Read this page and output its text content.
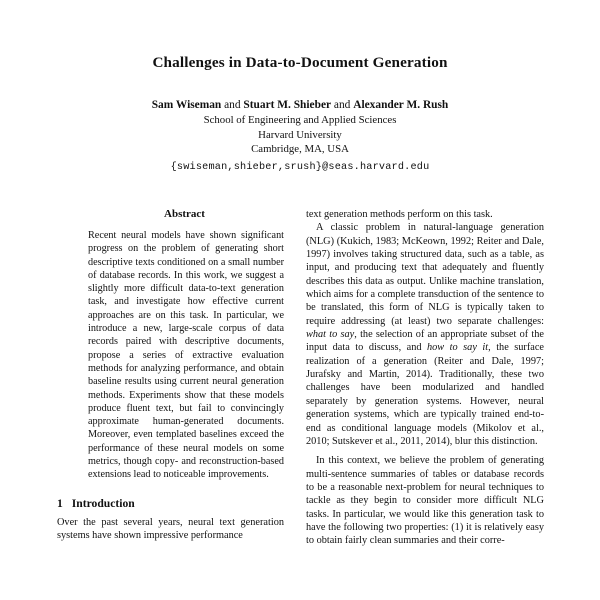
Challenges in Data-to-Document Generation

Sam Wiseman and Stuart M. Shieber and Alexander M. Rush

School of Engineering and Applied Sciences

Harvard University

Cambridge, MA, USA

{swiseman,shieber,srush}@seas.harvard.edu

Abstract

Recent neural models have shown significant progress on the problem of generating short descriptive texts conditioned on a small number of database records. In this work, we suggest a slightly more difficult data-to-text generation task, and investigate how effective current approaches are on this task. In particular, we introduce a new, large-scale corpus of data records paired with descriptive documents, propose a series of extractive evaluation methods for analyzing performance, and obtain baseline results using current neural generation methods. Experiments show that these models produce fluent text, but fail to convincingly approximate human-generated documents. Moreover, even templated baselines exceed the performance of these neural models on some metrics, though copy- and reconstruction-based extensions lead to noticeable improvements.

1 Introduction

Over the past several years, neural text generation systems have shown impressive performance

text generation methods perform on this task.

A classic problem in natural-language generation (NLG) (Kukich, 1983; McKeown, 1992; Reiter and Dale, 1997) involves taking structured data, such as a table, as input, and producing text that adequately and fluently describes this data as output. Unlike machine translation, which aims for a complete transduction of the sentence to be translated, this form of NLG is typically taken to require addressing (at least) two separate challenges: what to say, the selection of an appropriate subset of the input data to discuss, and how to say it, the surface realization of a generation (Reiter and Dale, 1997; Jurafsky and Martin, 2014). Traditionally, these two challenges have been modularized and handled separately by generation systems. However, neural generation systems, which are typically trained end-to-end as conditional language models (Mikolov et al., 2010; Sutskever et al., 2011, 2014), blur this distinction.

In this context, we believe the problem of generating multi-sentence summaries of tables or database records to be a reasonable next-problem for neural techniques to tackle as they begin to consider more difficult NLG tasks. In particular, we would like this generation task to have the following two properties: (1) it is relatively easy to obtain fairly clean summaries and their corre-
